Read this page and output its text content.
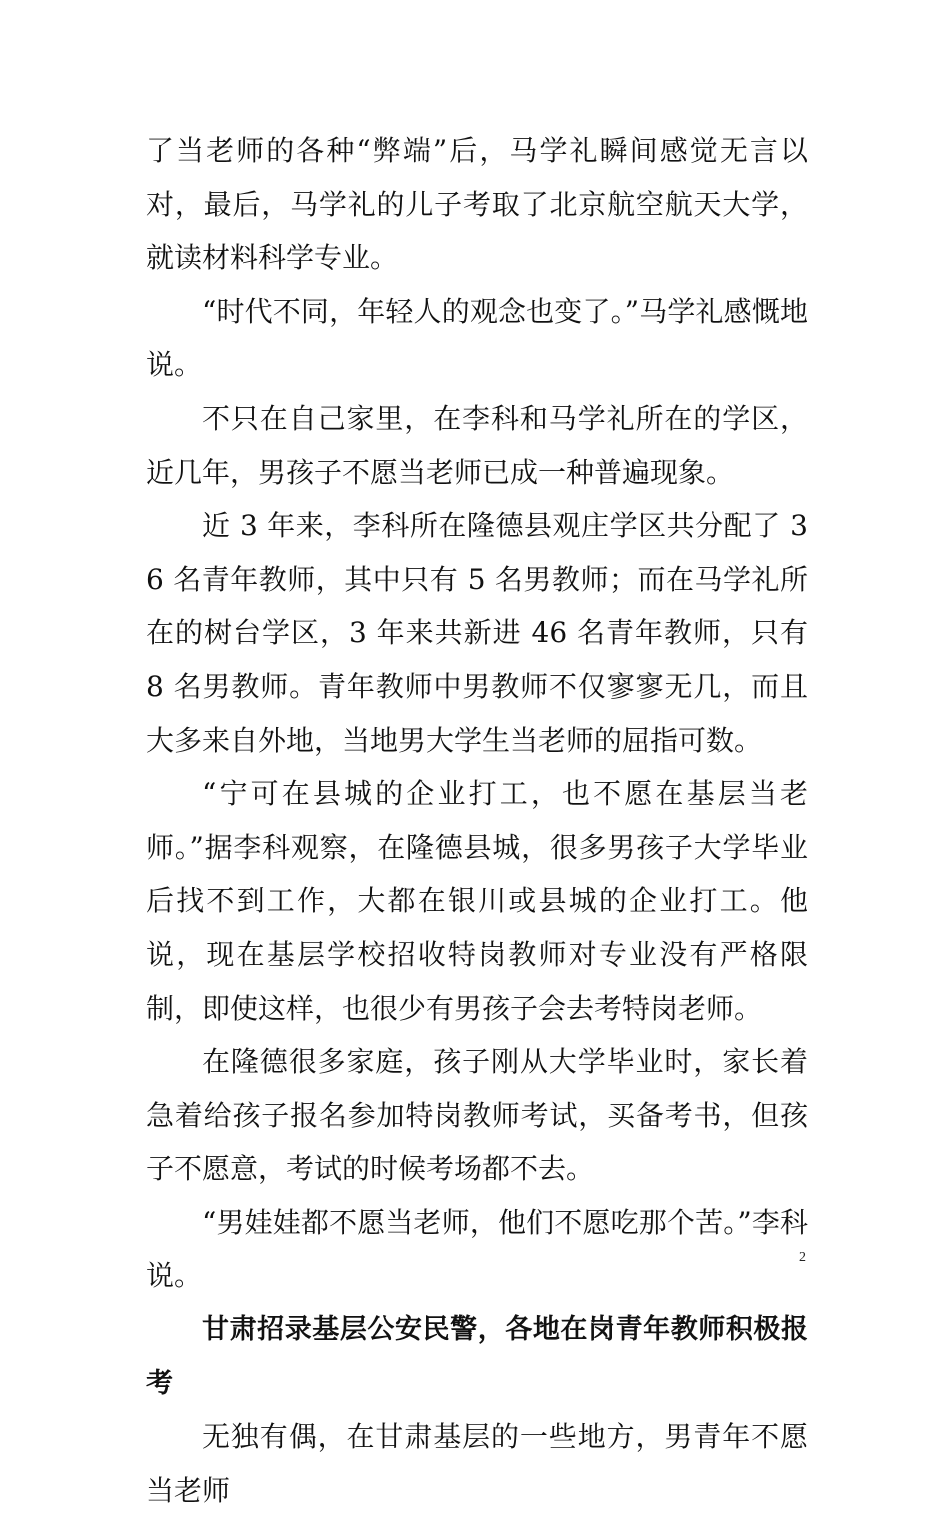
了当老师的各种“弊端”后，马学礼瞬间感觉无言以对，最后，马学礼的儿子考取了北京航空航天大学，就读材料科学专业。

“时代不同，年轻人的观念也变了。”马学礼感慨地说。

不只在自己家里，在李科和马学礼所在的学区，近几年，男孩子不愿当老师已成一种普遍现象。

近 3 年来，李科所在隆德县观庄学区共分配了 36 名青年教师，其中只有 5 名男教师；而在马学礼所在的树台学区，3 年来共新进 46 名青年教师，只有 8 名男教师。青年教师中男教师不仅寥寥无几，而且大多来自外地，当地男大学生当老师的屈指可数。

“宁可在县城的企业打工，也不愿在基层当老师。”据李科观察，在隆德县城，很多男孩子大学毕业后找不到工作，大都在银川或县城的企业打工。他说，现在基层学校招收特岗教师对专业没有严格限制，即使这样，也很少有男孩子会去考特岗老师。

在隆德很多家庭，孩子刚从大学毕业时，家长着急着给孩子报名参加特岗教师考试，买备考书，但孩子不愿意，考试的时候考场都不去。

“男娃娃都不愿当老师，他们不愿吃那个苦。”李科说。

甘肃招录基层公安民警，各地在岗青年教师积极报考

无独有偶，在甘肃基层的一些地方，男青年不愿当老师

2
